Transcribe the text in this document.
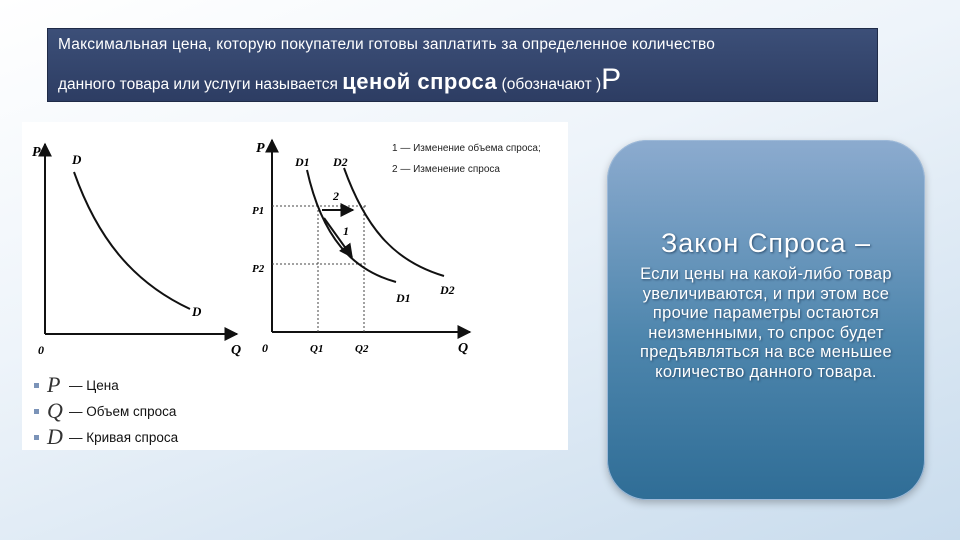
Максимальная цена, которую покупатели готовы заплатить за определенное количество
данного товара или услуги называется ценой спроса (обозначают )P
P
Q
0
D
D
2
1
P
Q
0
P1
P2
Q1	Q2
D1 D2
D1
D2
1 — Изменение объема спроса;
2 — Изменение спроса
P — Цена
Q — Объем спроса
D — Кривая спроса
Закон Спроса –
Если цены на какой-либо товар увеличиваются, и при этом все прочие параметры остаются неизменными, то спрос будет предъявляться на все меньшее количество данного товара.
